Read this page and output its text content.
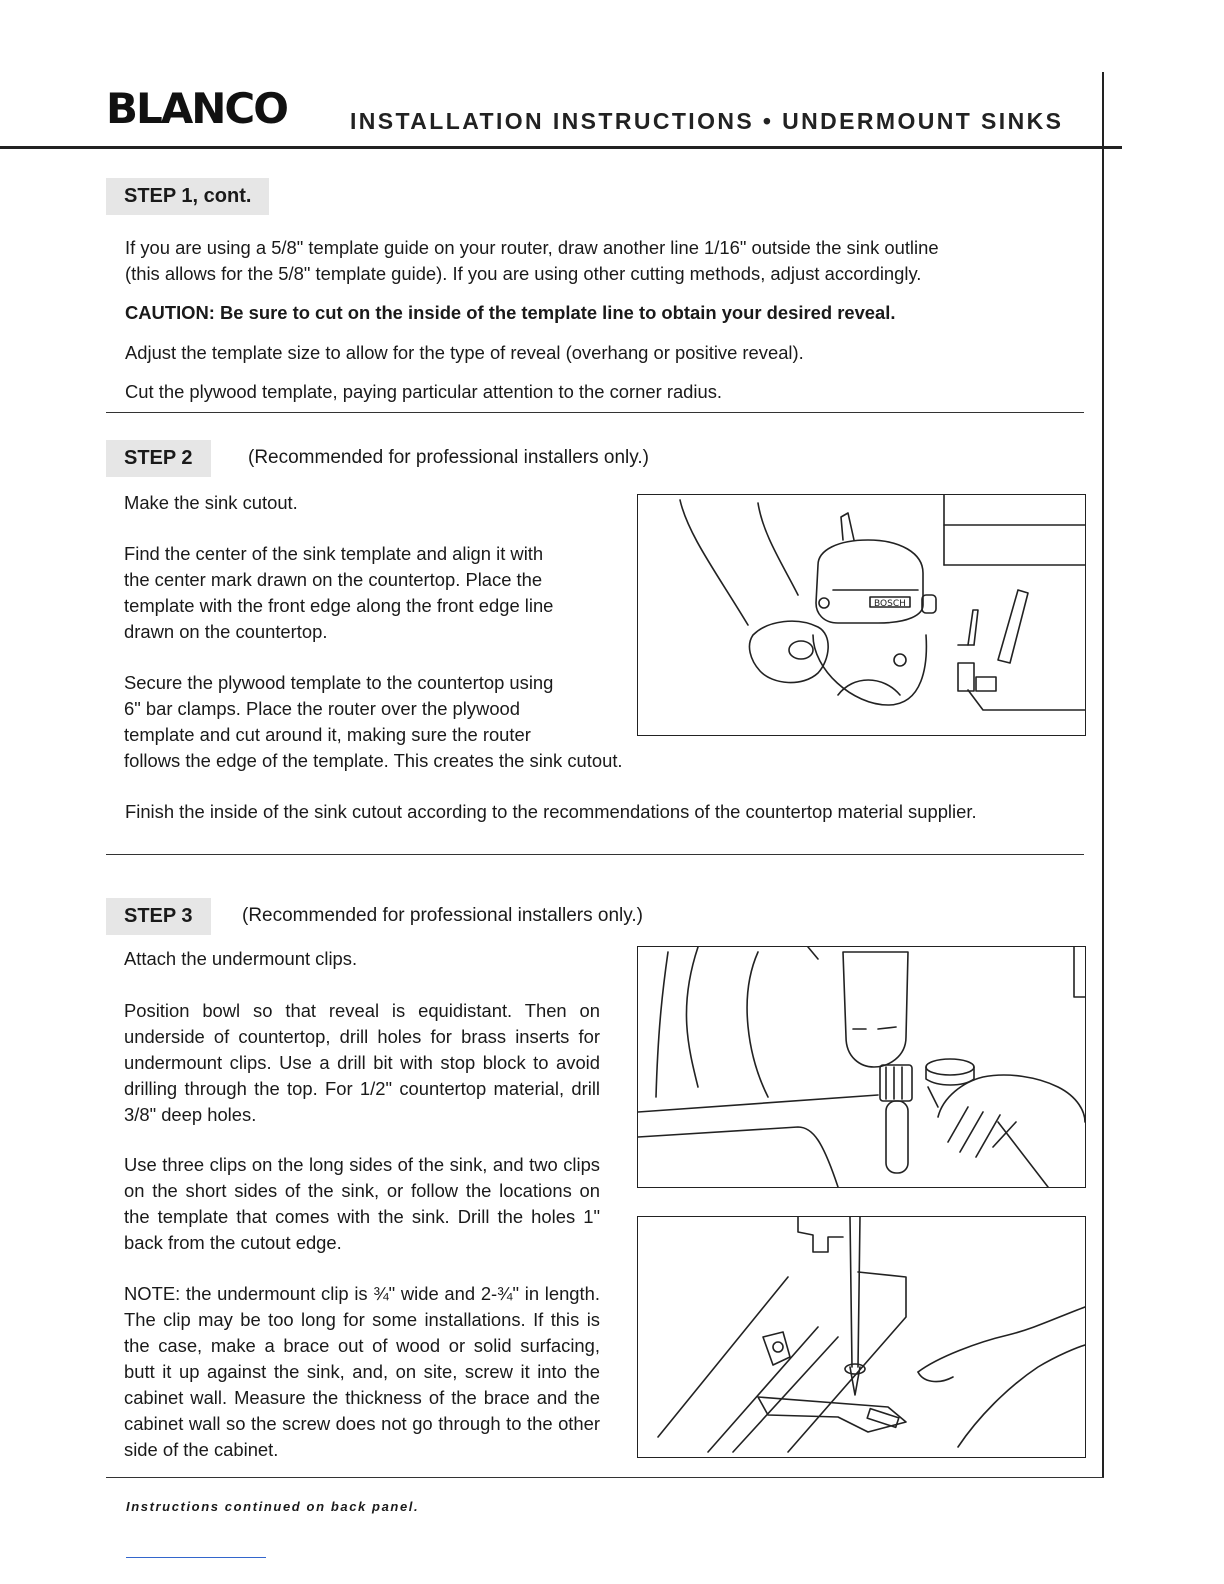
BLANCO	INSTALLATION INSTRUCTIONS • UNDERMOUNT SINKS
STEP 1, cont.
If you are using a 5/8" template guide on your router, draw another line 1/16" outside the sink outline
(this allows for the 5/8" template guide). If you are using other cutting methods, adjust accordingly.
CAUTION: Be sure to cut on the inside of the template line to obtain your desired reveal.
Adjust the template size to allow for the type of reveal (overhang or positive reveal).
Cut the plywood template, paying particular attention to the corner radius.
STEP 2	(Recommended for professional installers only.)
Make the sink cutout.
Find the center of the sink template and align it with
the center mark drawn on the countertop. Place the
template with the front edge along the front edge line
drawn on the countertop.
Secure the plywood template to the countertop using
6" bar clamps. Place the router over the plywood
template and cut around it, making sure the router
follows the edge of the template. This creates the sink cutout.
Finish the inside of the sink cutout according to the recommendations of the countertop material supplier.
BOSCH
STEP 3	(Recommended for professional installers only.)
Attach the undermount clips.
Position bowl so that reveal is equidistant. Then on underside of countertop, drill holes for brass inserts for undermount clips. Use a drill bit with stop block to avoid drilling through the top. For 1/2" countertop material, drill 3/8" deep holes.
Use three clips on the long sides of the sink, and two clips on the short sides of the sink, or follow the locations on the template that comes with the sink. Drill the holes 1" back from the cutout edge.
NOTE: the undermount clip is ¾" wide and 2-¾" in length. The clip may be too long for some installations. If this is the case, make a brace out of wood or solid surfacing, butt it up against the sink, and, on site, screw it into the cabinet wall. Measure the thickness of the brace and the cabinet wall so the screw does not go through to the other side of the cabinet.
Instructions continued on back panel.
